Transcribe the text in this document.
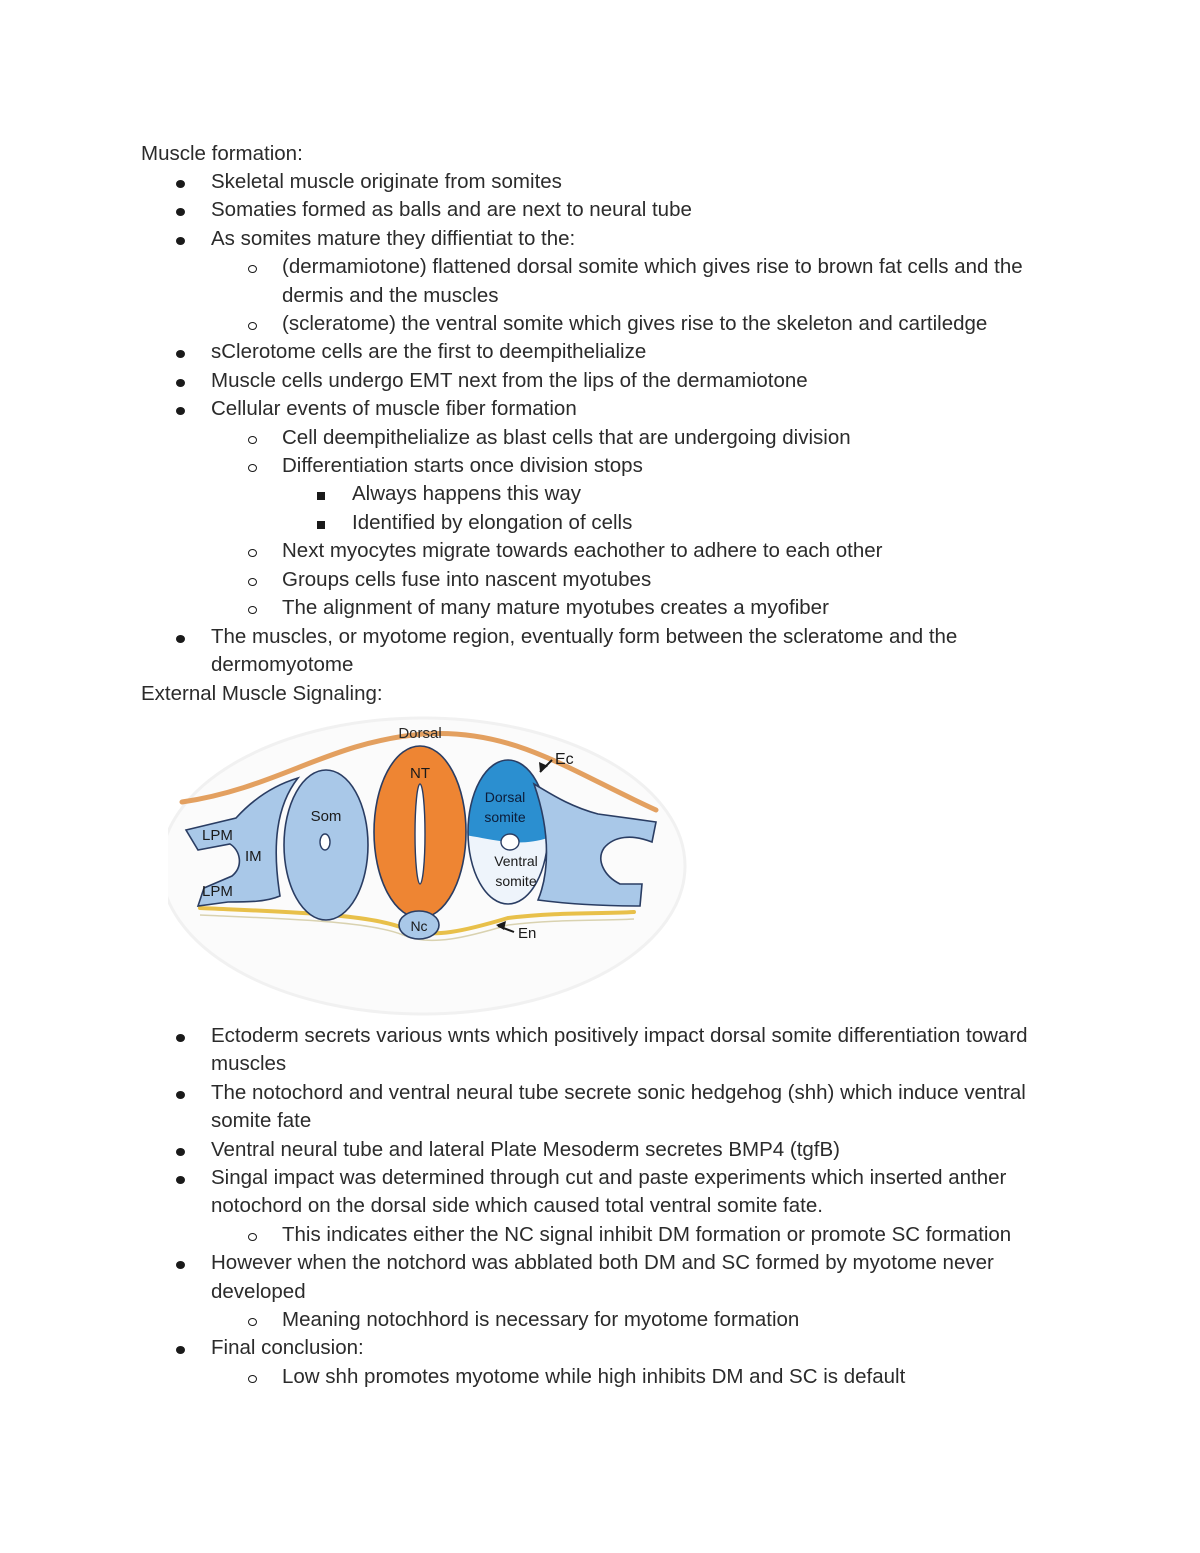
Muscle formation:
Skeletal muscle originate from somites
Somaties formed as balls and are next to neural tube
As somites mature they diffientiat to the:
(dermamiotone) flattened dorsal somite which gives rise to brown fat cells and the dermis and the muscles
(scleratome) the ventral somite which gives rise to the skeleton and cartiledge
sClerotome cells are the first to deempithelialize
Muscle cells undergo EMT next from the lips of the dermamiotone
Cellular events of muscle fiber formation
Cell deempithelialize as blast cells that are undergoing division
Differentiation starts once division stops
Always happens this way
Identified by elongation of cells
Next myocytes migrate towards eachother to adhere to each other
Groups cells fuse into nascent myotubes
The alignment of many mature myotubes creates a myofiber
The muscles, or myotome region, eventually form between the scleratome and the dermomyotome
External Muscle Signaling:
Dorsal
Ec
NT
Dorsal
somite
Ventral
somite
Som
LPM
IM
LPM
Nc	En
Ectoderm secrets various wnts which positively impact dorsal somite differentiation toward muscles
The notochord and ventral neural tube secrete sonic hedgehog (shh) which induce ventral somite fate
Ventral neural tube and lateral Plate Mesoderm secretes BMP4 (tgfB)
Singal impact was determined through cut and paste experiments which inserted anther notochord on the dorsal side which caused total ventral somite fate.
This indicates either the NC signal inhibit DM formation or promote SC formation
However when the notchord was abblated both DM and SC formed by myotome never developed
Meaning notochhord is necessary for myotome formation
Final conclusion:
Low shh promotes myotome while high inhibits DM and SC is default
